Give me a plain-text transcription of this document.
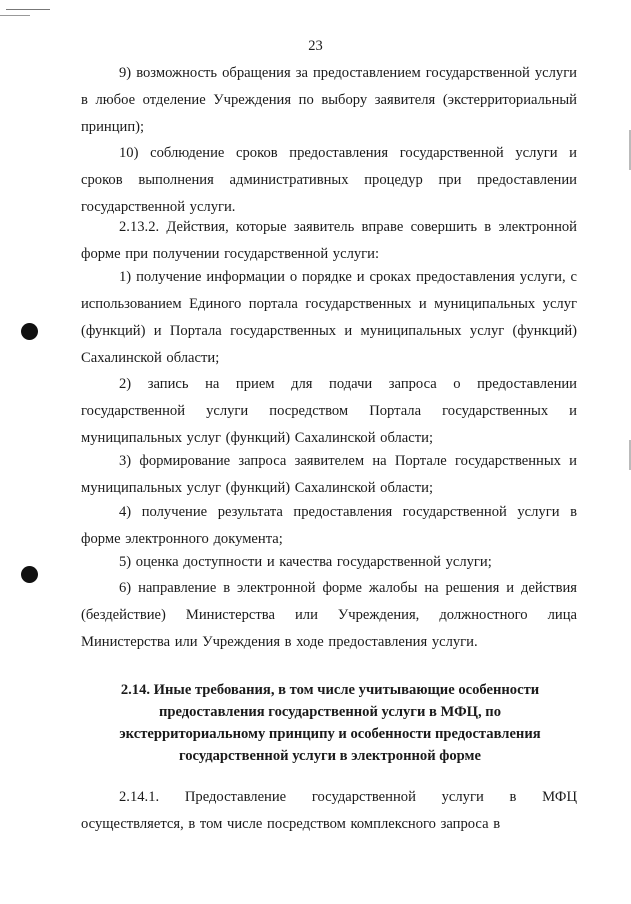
23

9) возможность обращения за предоставлением государственной услуги в любое отделение Учреждения по выбору заявителя (экстерриториальный принцип);

10) соблюдение сроков предоставления государственной услуги и сроков выполнения административных процедур при предоставлении государственной услуги.

2.13.2. Действия, которые заявитель вправе совершить в электронной форме при получении государственной услуги:

1) получение информации о порядке и сроках предоставления услуги, с использованием Единого портала государственных и муниципальных услуг (функций) и Портала государственных и муниципальных услуг (функций) Сахалинской области;

2) запись на прием для подачи запроса о предоставлении государственной услуги посредством Портала государственных и муниципальных услуг (функций) Сахалинской области;

3) формирование запроса заявителем на Портале государственных и муниципальных услуг (функций) Сахалинской области;

4) получение результата предоставления государственной услуги в форме электронного документа;

5) оценка доступности и качества государственной услуги;

6) направление в электронной форме жалобы на решения и действия (бездействие) Министерства или Учреждения, должностного лица Министерства или Учреждения в ходе предоставления услуги.

2.14. Иные требования, в том числе учитывающие особенности предоставления государственной услуги в МФЦ, по экстерриториальному принципу и особенности предоставления государственной услуги в электронной форме

2.14.1. Предоставление государственной услуги в МФЦ осуществляется, в том числе посредством комплексного запроса в
